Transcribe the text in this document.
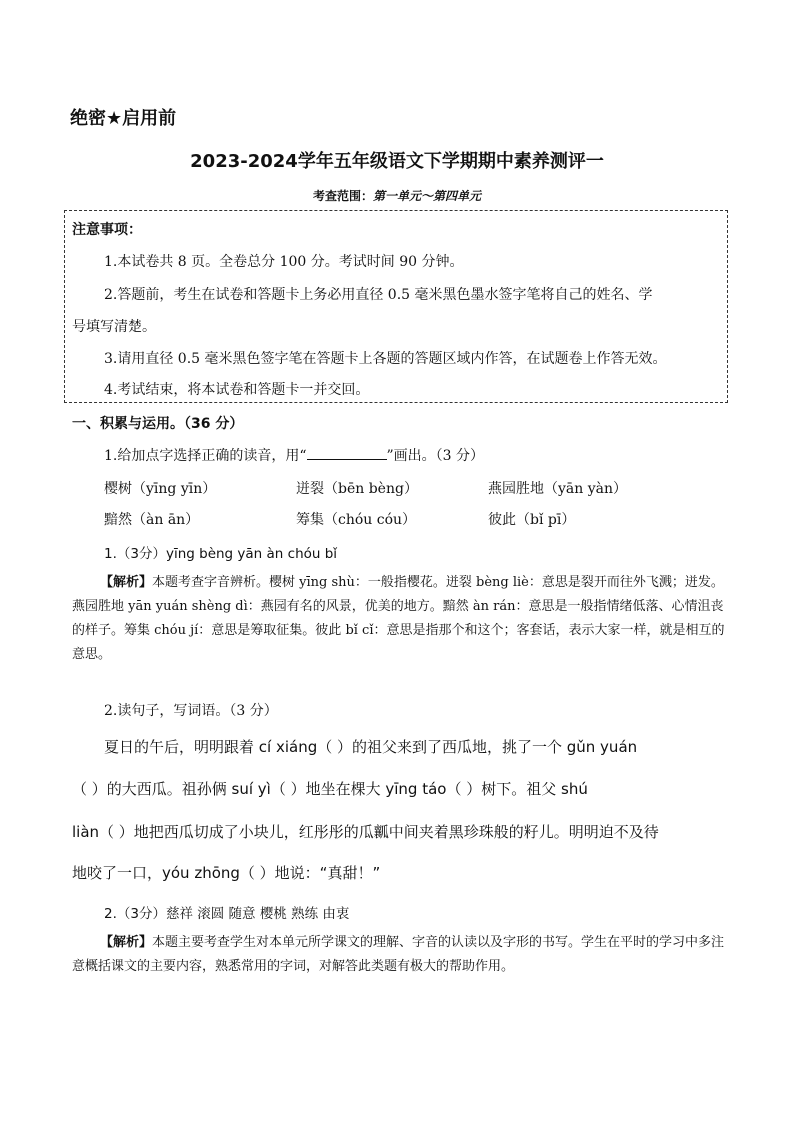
绝密★启用前
2023-2024学年五年级语文下学期期中素养测评一
考查范围：第一单元～第四单元
注意事项：
1.本试卷共 8 页。全卷总分 100 分。考试时间 90 分钟。
2.答题前，考生在试卷和答题卡上务必用直径 0.5 毫米黑色墨水签字笔将自己的姓名、学
号填写清楚。
3.请用直径 0.5 毫米黑色签字笔在答题卡上各题的答题区域内作答，在试题卷上作答无效。
4.考试结束，将本试卷和答题卡一并交回。
一、积累与运用。（36 分）
1.给加点字选择正确的读音，用“	”画出。（3 分）
樱树（yīng yīn）	迸裂（bēn bèng）	燕园胜地（yān yàn）
黯然（àn ān）	筹集（chóu cóu）	彼此（bǐ pī）
1.（3分）yīng bèng yān àn chóu bǐ
【解析】本题考查字音辨析。樱树 yīng shù：一般指樱花。迸裂 bèng liè：意思是裂开而往外飞溅；迸发。燕园胜地 yān yuán shèng dì：燕园有名的风景，优美的地方。黯然 àn rán：意思是一般指情绪低落、心情沮丧的样子。筹集 chóu jí：意思是筹取征集。彼此 bǐ cǐ：意思是指那个和这个；客套话，表示大家一样，就是相互的意思。
2.读句子，写词语。（3 分）
夏日的午后，明明跟着 cí xiáng（ ）的祖父来到了西瓜地，挑了一个 gǔn yuán
（ ）的大西瓜。祖孙俩 suí yì（ ）地坐在棵大 yīng táo（ ）树下。祖父 shú
liàn（ ）地把西瓜切成了小块儿，红彤彤的瓜瓤中间夹着黑珍珠般的籽儿。明明迫不及待
地咬了一口，yóu zhōng（ ）地说：“真甜！”
2.（3分）慈祥 滚圆 随意 樱桃 熟练 由衷
【解析】本题主要考查学生对本单元所学课文的理解、字音的认读以及字形的书写。学生在平时的学习中多注意概括课文的主要内容，熟悉常用的字词，对解答此类题有极大的帮助作用。
